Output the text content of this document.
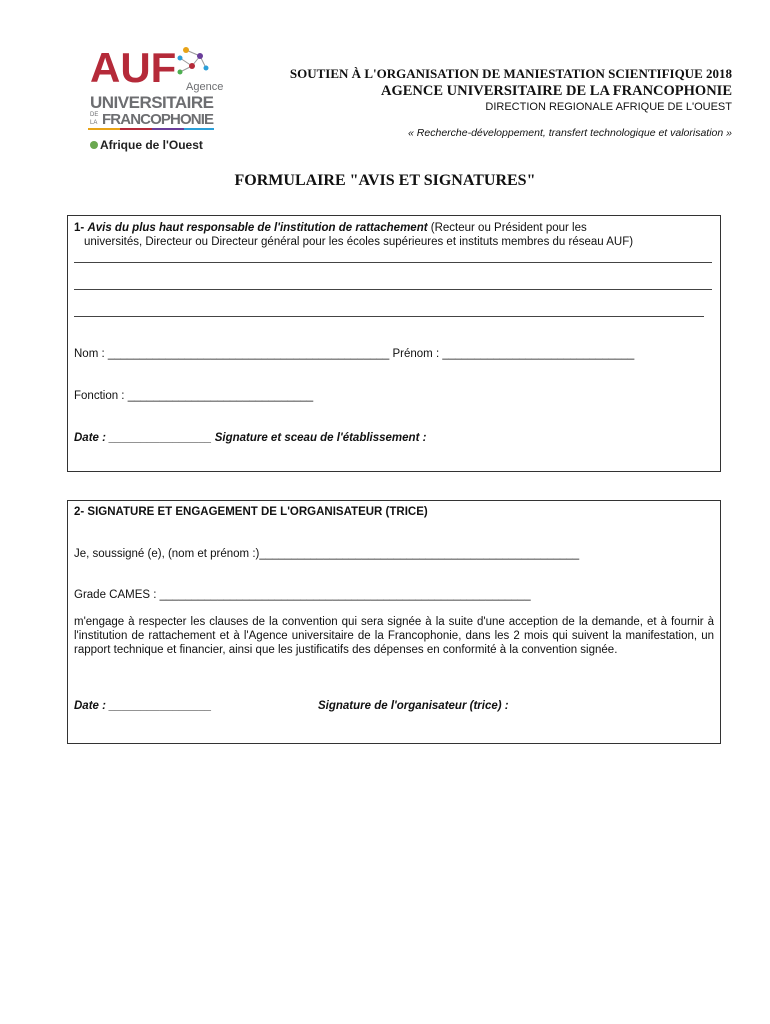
AUF Agence
UNIVERSITAIRE
DE
LA FRANCOPHONIE
Afrique de l'Ouest
SOUTIEN À L'ORGANISATION DE MANIESTATION SCIENTIFIQUE 2018
AGENCE UNIVERSITAIRE DE LA FRANCOPHONIE
DIRECTION REGIONALE AFRIQUE DE L'OUEST
« Recherche-développement, transfert technologique et valorisation »
FORMULAIRE "AVIS ET SIGNATURES"
1- Avis du plus haut responsable de l'institution de rattachement (Recteur ou Président pour les
universités, Directeur ou Directeur général pour les écoles supérieures et instituts membres du réseau AUF)
Nom : ____________________________________________ Prénom : ______________________________
Fonction : _____________________________
Date : ________________ Signature et sceau de l'établissement :
2- SIGNATURE ET ENGAGEMENT DE L'ORGANISATEUR (TRICE)
Je, soussigné (e), (nom et prénom :)__________________________________________________
Grade CAMES : __________________________________________________________
m'engage à respecter les clauses de la convention qui sera signée à la suite d'une acception de la demande, et à fournir à l'institution de rattachement et à l'Agence universitaire de la Francophonie, dans les 2 mois qui suivent la manifestation, un rapport technique et financier, ainsi que les justificatifs des dépenses en conformité à la convention signée.
Date : ________________	Signature de l'organisateur (trice) :
